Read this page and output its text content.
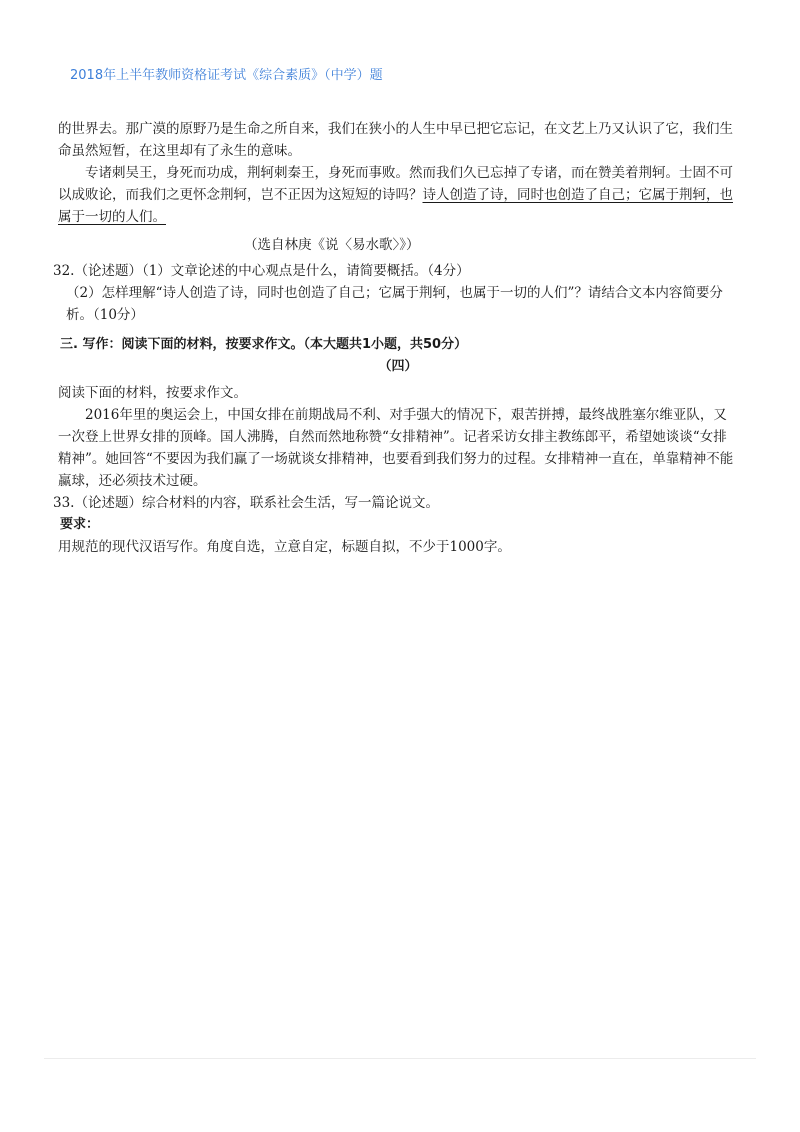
2018年上半年教师资格证考试《综合素质》（中学）题

的世界去。那广漠的原野乃是生命之所自来，我们在狭小的人生中早已把它忘记，在文艺上乃又认识了它，我们生命虽然短暂，在这里却有了永生的意味。

专诸刺吴王，身死而功成，荆轲刺秦王，身死而事败。然而我们久已忘掉了专诸，而在赞美着荆轲。士固不可以成败论，而我们之更怀念荆轲，岂不正因为这短短的诗吗？诗人创造了诗，同时也创造了自己；它属于荆轲，也属于一切的人们。

（选自林庚《说〈易水歌〉》）

32.（论述题）（1）文章论述的中心观点是什么，请简要概括。（4分）

（2）怎样理解“诗人创造了诗，同时也创造了自己；它属于荆轲，也属于一切的人们”？请结合文本内容简要分析。（10分）

三. 写作：阅读下面的材料，按要求作文。（本大题共1小题，共50分）

（四）

阅读下面的材料，按要求作文。

2016年里的奥运会上，中国女排在前期战局不利、对手强大的情况下，艰苦拼搏，最终战胜塞尔维亚队，又一次登上世界女排的顶峰。国人沸腾，自然而然地称赞“女排精神”。记者采访女排主教练郎平，希望她谈谈“女排精神”。她回答“不要因为我们赢了一场就谈女排精神，也要看到我们努力的过程。女排精神一直在，单靠精神不能赢球，还必须技术过硬。

33.（论述题）综合材料的内容，联系社会生活，写一篇论说文。

要求：

用规范的现代汉语写作。角度自选，立意自定，标题自拟，不少于1000字。
